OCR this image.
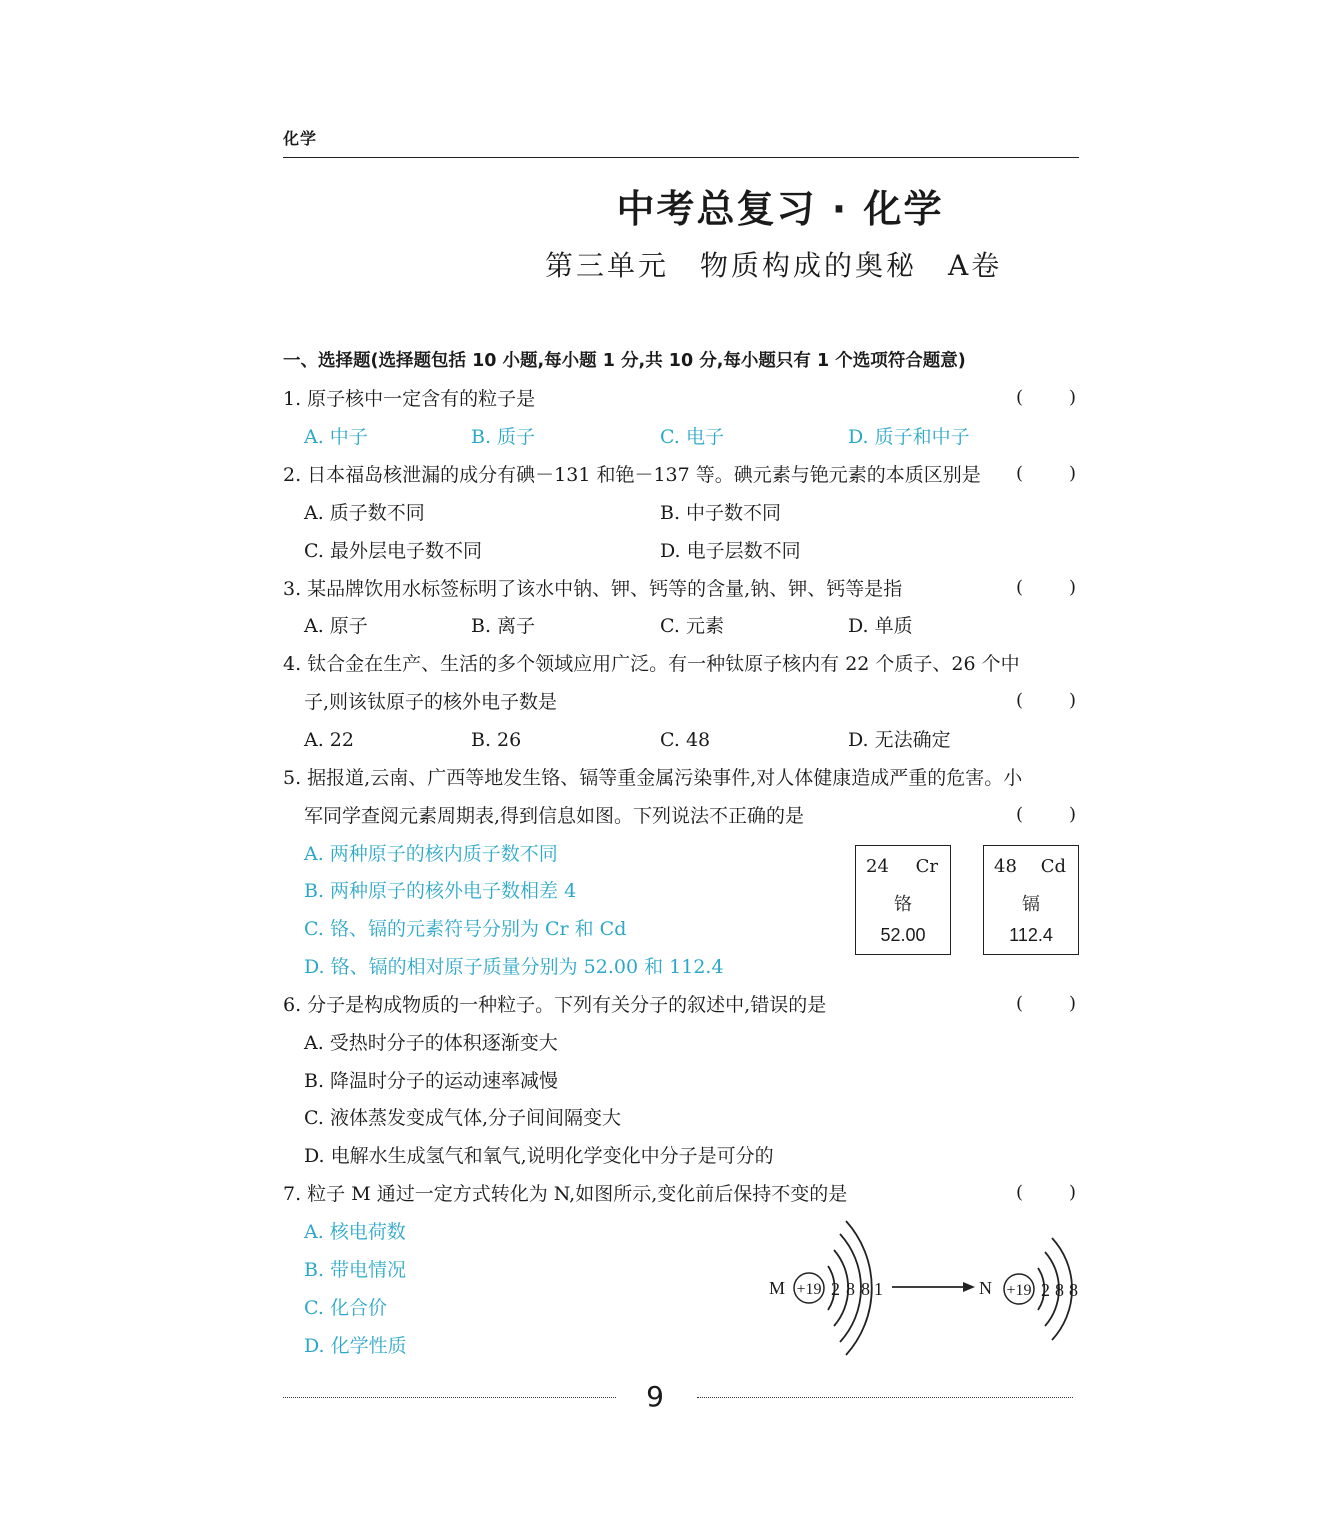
化学
中考总复习 · 化学
第三单元　物质构成的奥秘　A卷
一、选择题(选择题包括 10 小题,每小题 1 分,共 10 分,每小题只有 1 个选项符合题意)
1. 原子核中一定含有的粒子是	(	)
A. 中子	B. 质子	C. 电子	D. 质子和中子
2. 日本福岛核泄漏的成分有碘－131 和铯－137 等。碘元素与铯元素的本质区别是 (	)
A. 质子数不同	B. 中子数不同
C. 最外层电子数不同	D. 电子层数不同
3. 某品牌饮用水标签标明了该水中钠、钾、钙等的含量,钠、钾、钙等是指	(	)
A. 原子	B. 离子	C. 元素	D. 单质
4. 钛合金在生产、生活的多个领域应用广泛。有一种钛原子核内有 22 个质子、26 个中
子,则该钛原子的核外电子数是	(	)
A. 22	B. 26	C. 48	D. 无法确定
5. 据报道,云南、广西等地发生铬、镉等重金属污染事件,对人体健康造成严重的危害。小
军同学查阅元素周期表,得到信息如图。下列说法不正确的是	(	)
A. 两种原子的核内质子数不同
B. 两种原子的核外电子数相差 4
C. 铬、镉的元素符号分别为 Cr 和 Cd
D. 铬、镉的相对原子质量分别为 52.00 和 112.4
24 Cr
铬
52.00
48 Cd
镉
112.4
6. 分子是构成物质的一种粒子。下列有关分子的叙述中,错误的是	(	)
A. 受热时分子的体积逐渐变大
B. 降温时分子的运动速率减慢
C. 液体蒸发变成气体,分子间间隔变大
D. 电解水生成氢气和氧气,说明化学变化中分子是可分的
7. 粒子 M 通过一定方式转化为 N,如图所示,变化前后保持不变的是	(	)
A. 核电荷数
B. 带电情况
C. 化合价
D. 化学性质
M +19 2 8 8 1	N +19 2 8 8
9
